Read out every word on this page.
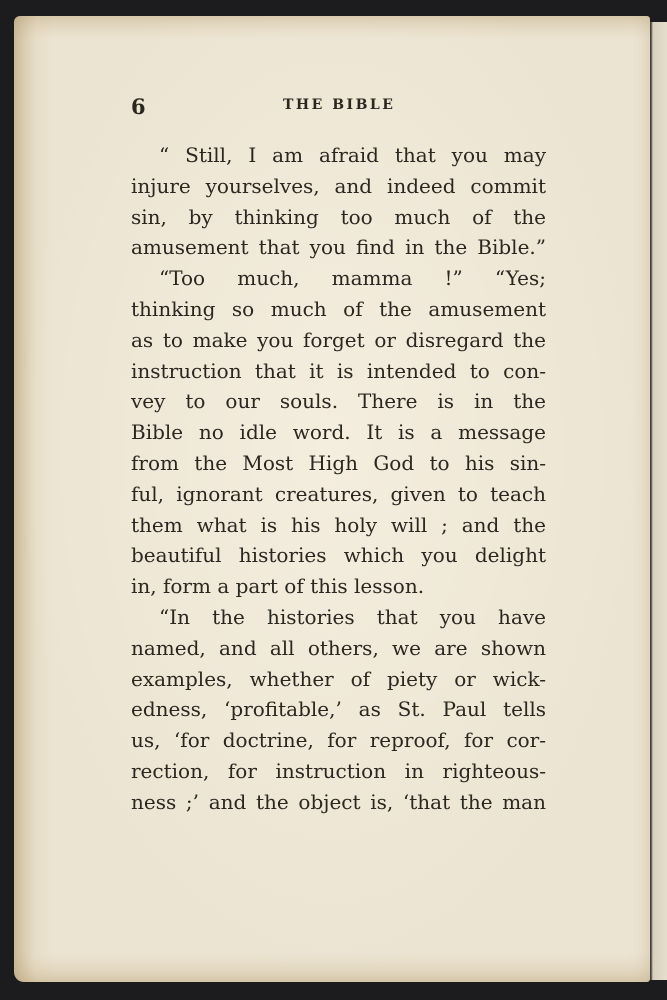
6	THE BIBLE
“ Still, I am afraid that you may
injure yourselves, and indeed commit
sin, by thinking too much of the
amusement that you find in the Bible.”
“Too much, mamma !” “Yes;
thinking so much of the amusement
as to make you forget or disregard the
instruction that it is intended to con-
vey to our souls. There is in the
Bible no idle word. It is a message
from the Most High God to his sin-
ful, ignorant creatures, given to teach
them what is his holy will ; and the
beautiful histories which you delight
in, form a part of this lesson.
“In the histories that you have
named, and all others, we are shown
examples, whether of piety or wick-
edness, ‘profitable,’ as St. Paul tells
us, ‘for doctrine, for reproof, for cor-
rection, for instruction in righteous-
ness ;’ and the object is, ‘that the man
